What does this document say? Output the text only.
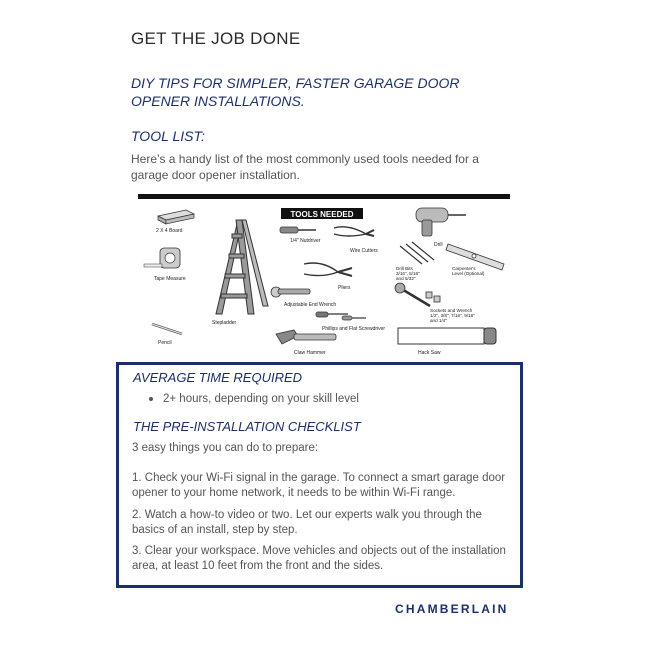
GET THE JOB DONE
DIY TIPS FOR SIMPLER, FASTER GARAGE DOOR OPENER INSTALLATIONS.
TOOL LIST:

Here’s a handy list of the most commonly used tools needed for a garage door opener installation.

TOOLS NEEDED
2 X 4 Board
Tape Measure
Pencil
Stepladder
1/4" Nutdriver
Wire Cutters
Pliers
Adjustable End Wrench
Phillips and Flat Screwdriver
Claw Hammer
Drill
Drill Bits
3/16", 5/16"
and 5/32"
Carpenter's
Level (Optional)
Sockets and Wrench
1/2", 3/8", 7/16", 9/16"
and 1/4"
Hack Saw
AVERAGE TIME REQUIRED
2+ hours, depending on your skill level
THE PRE-INSTALLATION CHECKLIST

3 easy things you can do to prepare:

1. Check your Wi-Fi signal in the garage. To connect a smart garage door opener to your home network, it needs to be within Wi-Fi range.

2. Watch a how-to video or two. Let our experts walk you through the basics of an install, step by step.

3. Clear your workspace. Move vehicles and objects out of the installation area, at least 10 feet from the front and the sides.

CHAMBERLAIN
